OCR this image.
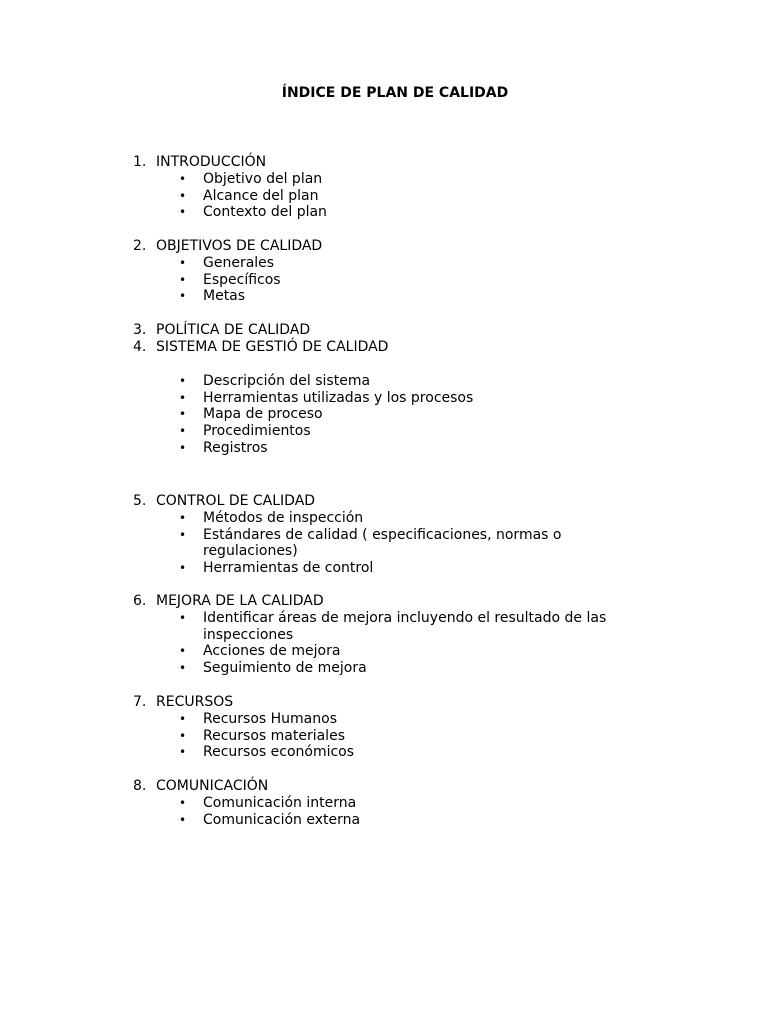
ÍNDICE DE PLAN DE CALIDAD
1. INTRODUCCIÓN
•	Objetivo del plan
•	Alcance del plan
•	Contexto del plan
2. OBJETIVOS DE CALIDAD
•	Generales
•	Específicos
•	Metas
3. POLÍTICA DE CALIDAD
4. SISTEMA DE GESTIÓ DE CALIDAD
•	Descripción del sistema
•	Herramientas utilizadas y los procesos
•	Mapa de proceso
•	Procedimientos
•	Registros
5. CONTROL DE CALIDAD
•	Métodos de inspección
•	Estándares de calidad ( especificaciones, normas o regulaciones)
•	Herramientas de control
6. MEJORA DE LA CALIDAD
•	Identificar áreas de mejora incluyendo el resultado de las inspecciones
•	Acciones de mejora
•	Seguimiento de mejora
7. RECURSOS
•	Recursos Humanos
•	Recursos materiales
•	Recursos económicos
8. COMUNICACIÓN
•	Comunicación interna
•	Comunicación externa
